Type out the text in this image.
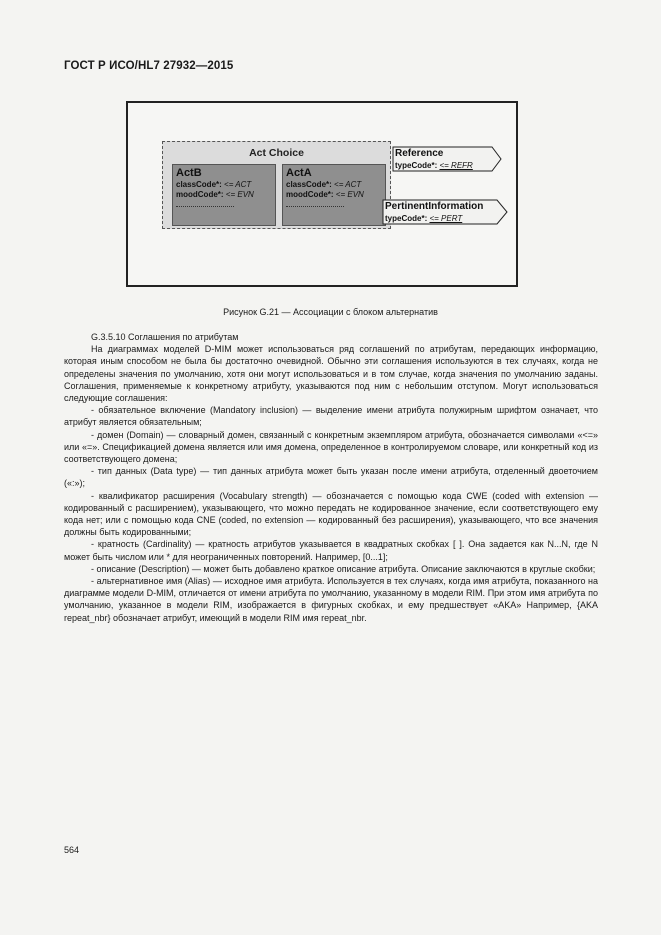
ГОСТ Р ИСО/HL7 27932—2015
Act Choice
ActB
classCode*: <= ACT
moodCode*: <= EVN
ActA
classCode*: <= ACT
moodCode*: <= EVN
Reference
typeCode*: <= REFR
PertinentInformation
typeCode*: <= PERT
Рисунок G.21 — Ассоциации с блоком альтернатив

G.3.5.10 Соглашения по атрибутам

На диаграммах моделей D-MIM может использоваться ряд соглашений по атрибутам, передающих информацию, которая иным способом не была бы достаточно очевидной. Обычно эти соглашения используются в тех случаях, когда не определены значения по умолчанию, хотя они могут использоваться и в том случае, когда значения по умолчанию заданы. Соглашения, применяемые к конкретному атрибуту, указываются под ним с небольшим отступом. Могут использоваться следующие соглашения:

- обязательное включение (Mandatory inclusion) — выделение имени атрибута полужирным шрифтом означает, что атрибут является обязательным;

- домен (Domain) — словарный домен, связанный с конкретным экземпляром атрибута, обозначается символами «<=» или «=». Спецификацией домена является или имя домена, определенное в контролируемом словаре, или конкретный код из соответствующего домена;

- тип данных (Data type) — тип данных атрибута может быть указан после имени атрибута, отделенный двоеточием («:»);

- квалификатор расширения (Vocabulary strength) — обозначается с помощью кода CWE (coded with extension — кодированный с расширением), указывающего, что можно передать не кодированное значение, если соответствующего ему кода нет; или с помощью кода CNE (coded, no extension — кодированный без расширения), указывающего, что все значения должны быть кодированными;

- кратность (Cardinality) — кратность атрибутов указывается в квадратных скобках [ ]. Она задается как N...N, где N может быть числом или * для неограниченных повторений. Например, [0...1];

- описание (Description) — может быть добавлено краткое описание атрибута. Описание заключаются в круглые скобки;

- альтернативное имя (Alias) — исходное имя атрибута. Используется в тех случаях, когда имя атрибута, показанного на диаграмме модели D-MIM, отличается от имени атрибута по умолчанию, указанному в модели RIM. При этом имя атрибута по умолчанию, указанное в модели RIM, изображается в фигурных скобках, и ему предшествует «AKA» Например, {AKA repeat_nbr} обозначает атрибут, имеющий в модели RIM имя repeat_nbr.

564
